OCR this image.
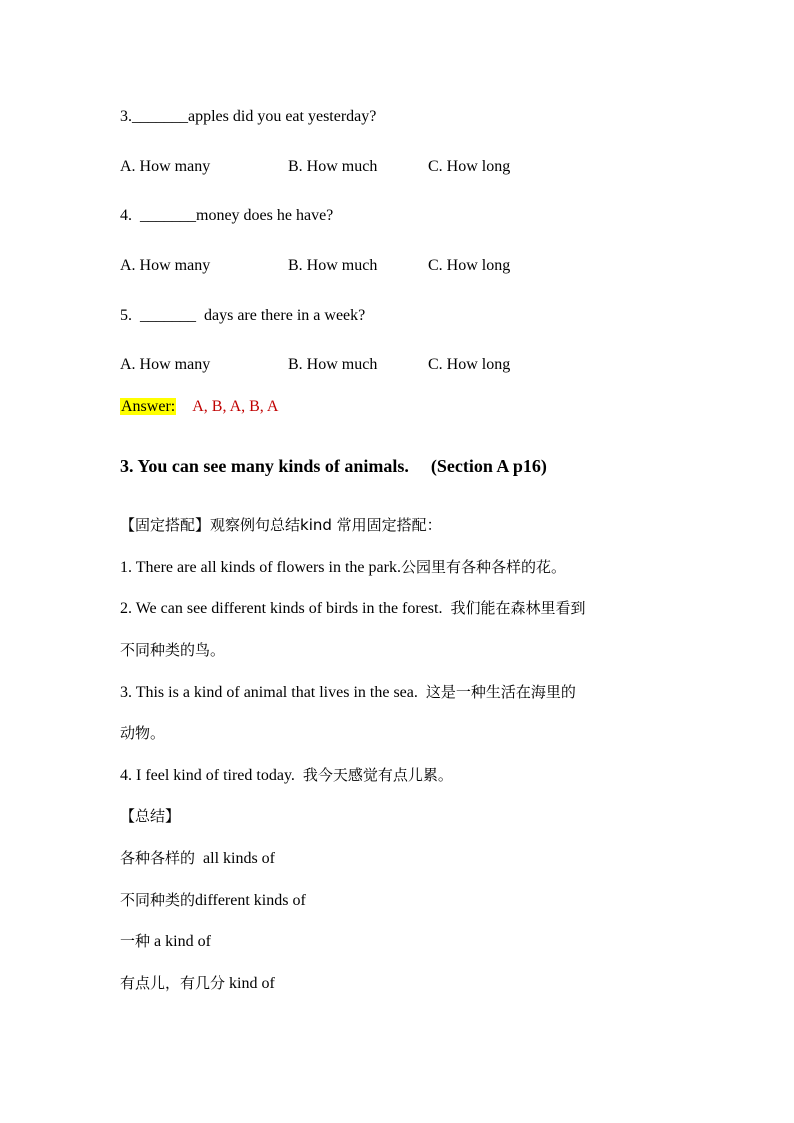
3._______apples did you eat yesterday?
A. How many	B. How much	C. How long
4. _______money does he have?
A. How many	B. How much	C. How long
5. _______ days are there in a week?
A. How many	B. How much	C. How long
Answer: A, B, A, B, A
3. You can see many kinds of animals. (Section A p16)
【固定搭配】观察例句总结kind 常用固定搭配：
1. There are all kinds of flowers in the park.公园里有各种各样的花。
2. We can see different kinds of birds in the forest. 我们能在森林里看到
不同种类的鸟。
3. This is a kind of animal that lives in the sea. 这是一种生活在海里的
动物。
4. I feel kind of tired today. 我今天感觉有点儿累。
【总结】
各种各样的 all kinds of
不同种类的different kinds of
一种 a kind of
有点儿，有几分 kind of
